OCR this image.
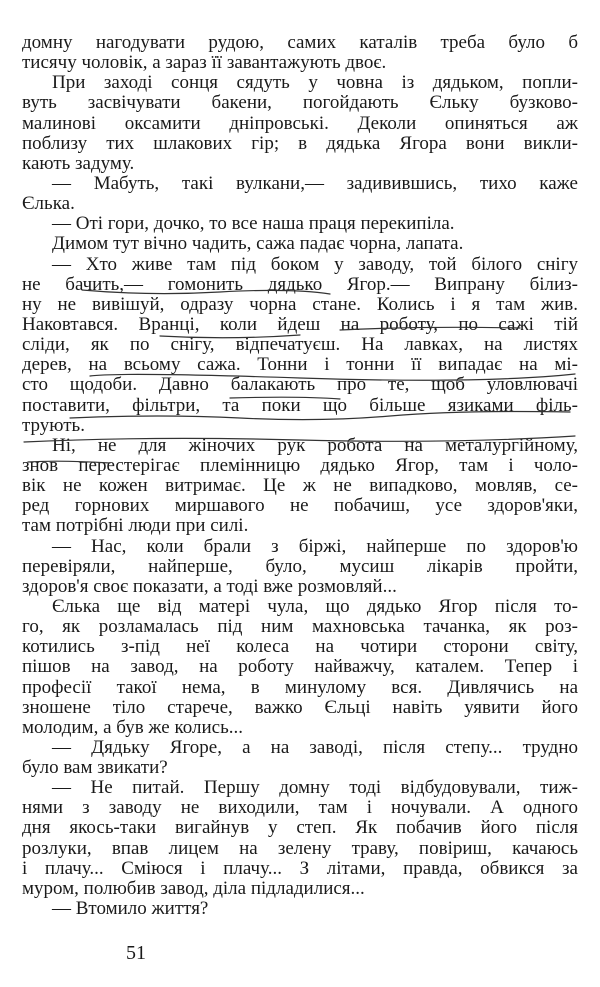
домну нагодувати рудою, самих каталів треба було б
тисячу чоловік, а зараз її завантажують двоє.
При заході сонця сядуть у човна із дядьком, попли-
вуть засвічувати бакени, погойдають Єльку бузково-
малинові оксамити дніпровські. Деколи опиняться аж
поблизу тих шлакових гір; в дядька Ягора вони викли-
кають задуму.
— Мабуть, такі вулкани,— задивившись, тихо каже
Єлька.
— Оті гори, дочко, то все наша праця перекипіла.
Димом тут вічно чадить, сажа падає чорна, лапата.
— Хто живе там під боком у заводу, той білого снігу
не бачить,— гомонить дядько Ягор.— Випрану білиз-
ну не вивішуй, одразу чорна стане. Колись і я там жив.
Наковтався. Вранці, коли йдеш на роботу, по сажі тій
сліди, як по снігу, відпечатуєш. На лавках, на листях
дерев, на всьому сажа. Тонни і тонни її випадає на мі-
сто щодоби. Давно балакають про те, щоб уловлювачі
поставити, фільтри, та поки що більше язиками філь-
трують.
Ні, не для жіночих рук робота на металургійному,
знов перестерігає племінницю дядько Ягор, там і чоло-
вік не кожен витримає. Це ж не випадково, мовляв, се-
ред горнових миршавого не побачиш, усе здоров'яки,
там потрібні люди при силі.
— Нас, коли брали з біржі, найперше по здоров'ю
перевіряли, найперше, було, мусиш лікарів пройти,
здоров'я своє показати, а тоді вже розмовляй...
Єлька ще від матері чула, що дядько Ягор після то-
го, як розламалась під ним махновська тачанка, як роз-
котились з-під неї колеса на чотири сторони світу,
пішов на завод, на роботу найважчу, каталем. Тепер і
професії такої нема, в минулому вся. Дивлячись на
зношене тіло старече, важко Єльці навіть уявити його
молодим, а був же колись...
— Дядьку Ягоре, а на заводі, після степу... трудно
було вам звикати?
— Не питай. Першу домну тоді відбудовували, тиж-
нями з заводу не виходили, там і ночували. А одного
дня якось-таки вигайнув у степ. Як побачив його після
розлуки, впав лицем на зелену траву, повіриш, качаюсь
і плачу... Сміюся і плачу... З літами, правда, обвикся за
муром, полюбив завод, діла підладилися...
— Втомило життя?
51
